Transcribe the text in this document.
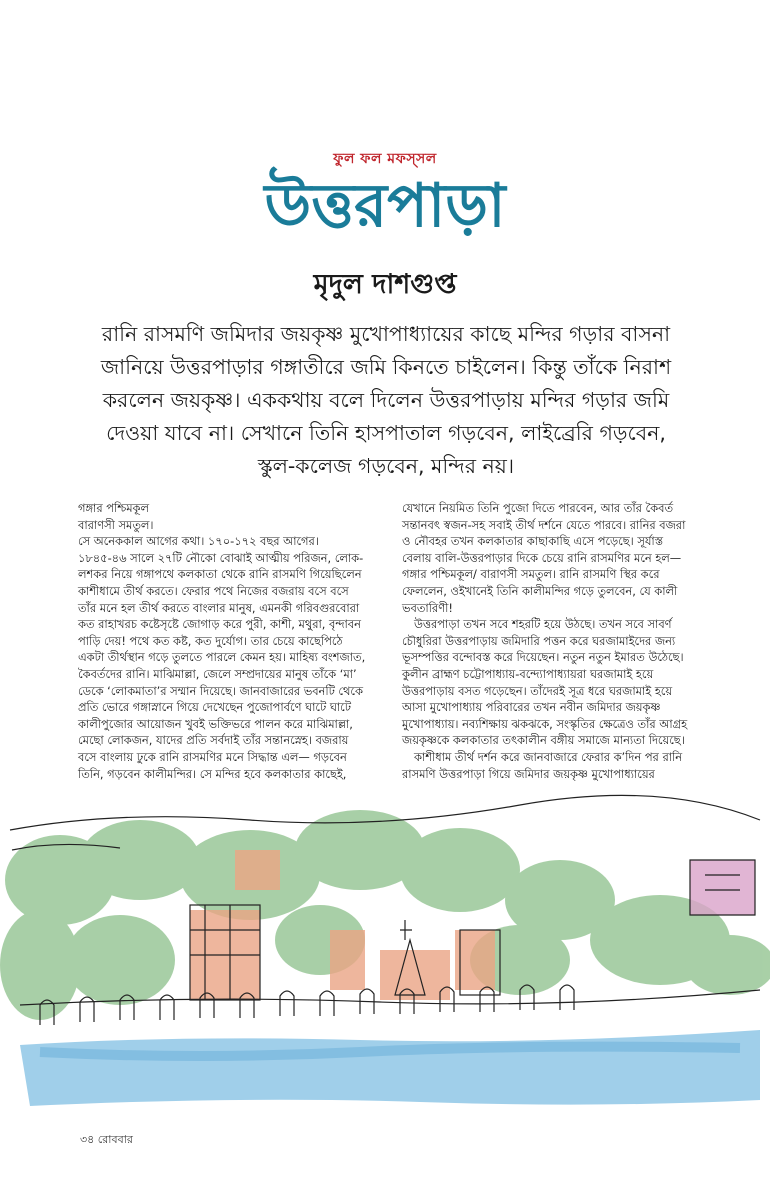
ফুল ফল মফস্‌সল
উত্তরপাড়া
মৃদুল দাশগুপ্ত

রানি রাসমণি জমিদার জয়কৃষ্ণ মুখোপাধ্যায়ের কাছে মন্দির গড়ার বাসনা জানিয়ে উত্তরপাড়ার গঙ্গাতীরে জমি কিনতে চাইলেন। কিন্তু তাঁকে নিরাশ করলেন জয়কৃষ্ণ। এককথায় বলে দিলেন উত্তরপাড়ায় মন্দির গড়ার জমি দেওয়া যাবে না। সেখানে তিনি হাসপাতাল গড়বেন, লাইব্রেরি গড়বেন, স্কুল-কলেজ গড়বেন, মন্দির নয়।

গঙ্গার পশ্চিমকূল

বারাণসী সমতুল।

সে অনেককাল আগের কথা। ১৭০-১৭২ বছর আগের। ১৮৪৫-৪৬ সালে ২৭টি নৌকো বোঝাই আত্মীয় পরিজন, লোক-লশকর নিয়ে গঙ্গাপথে কলকাতা থেকে রানি রাসমণি গিয়েছিলেন কাশীধামে তীর্থ করতে। ফেরার পথে নিজের বজরায় বসে বসে তাঁর মনে হল তীর্থ করতে বাংলার মানুষ, এমনকী গরিবগুরবোরা কত রাহাখরচ কষ্টেসৃষ্টে জোগাড় করে পুরী, কাশী, মথুরা, বৃন্দাবন পাড়ি দেয়! পথে কত কষ্ট, কত দুর্যোগ। তার চেয়ে কাছেপিঠে একটা তীর্থস্থান গড়ে তুলতে পারলে কেমন হয়। মাহিষ্য বংশজাত, কৈবর্তদের রানি। মাঝিমাল্লা, জেলে সম্প্রদায়ের মানুষ তাঁকে ‘মা’ ডেকে ‘লোকমাতা’র সম্মান দিয়েছে। জানবাজারের ভবনটি থেকে প্রতি ভোরে গঙ্গাস্নানে গিয়ে দেখেছেন পুজোপার্বণে ঘাটে ঘাটে কালীপুজোর আয়োজন খুবই ভক্তিভরে পালন করে মাঝিমাল্লা, মেছো লোকজন, যাদের প্রতি সর্বদাই তাঁর সন্তানস্নেহ। বজরায় বসে বাংলায় ঢুকে রানি রাসমণির মনে সিদ্ধান্ত এল— গড়বেন তিনি, গড়বেন কালীমন্দির। সে মন্দির হবে কলকাতার কাছেই,

যেখানে নিয়মিত তিনি পুজো দিতে পারবেন, আর তাঁর কৈবর্ত সন্তানবৎ স্বজন-সহ সবাই তীর্থ দর্শনে যেতে পারবে। রানির বজরা ও নৌবহর তখন কলকাতার কাছাকাছি এসে পড়েছে। সূর্যাস্ত বেলায় বালি-উত্তরপাড়ার দিকে চেয়ে রানি রাসমণির মনে হল— গঙ্গার পশ্চিমকূল/ বারাণসী সমতুল। রানি রাসমণি স্থির করে ফেললেন, ওইখানেই তিনি কালীমন্দির গড়ে তুলবেন, যে কালী ভবতারিণী!

উত্তরপাড়া তখন সবে শহরটি হয়ে উঠছে। তখন সবে সাবর্ণ চৌধুরিরা উত্তরপাড়ায় জমিদারি পত্তন করে ঘরজামাইদের জন্য ভূসম্পত্তির বন্দোবস্ত করে দিয়েছেন। নতুন নতুন ইমারত উঠেছে। কুলীন ব্রাহ্মণ চট্টোপাধ্যায়-বন্দ্যোপাধ্যায়রা ঘরজামাই হয়ে উত্তরপাড়ায় বসত গড়েছেন। তাঁদেরই সূত্র ধরে ঘরজামাই হয়ে আসা মুখোপাধ্যায় পরিবারের তখন নবীন জমিদার জয়কৃষ্ণ মুখোপাধ্যায়। নব্যশিক্ষায় ঝকঝকে, সংস্কৃতির ক্ষেত্রেও তাঁর আগ্রহ জয়কৃষ্ণকে কলকাতার তৎকালীন বঙ্গীয় সমাজে মান্যতা দিয়েছে।

কাশীধাম তীর্থ দর্শন করে জানবাজারে ফেরার ক’দিন পর রানি রাসমণি উত্তরপাড়া গিয়ে জমিদার জয়কৃষ্ণ মুখোপাধ্যায়ের

৩৪ রোববার
